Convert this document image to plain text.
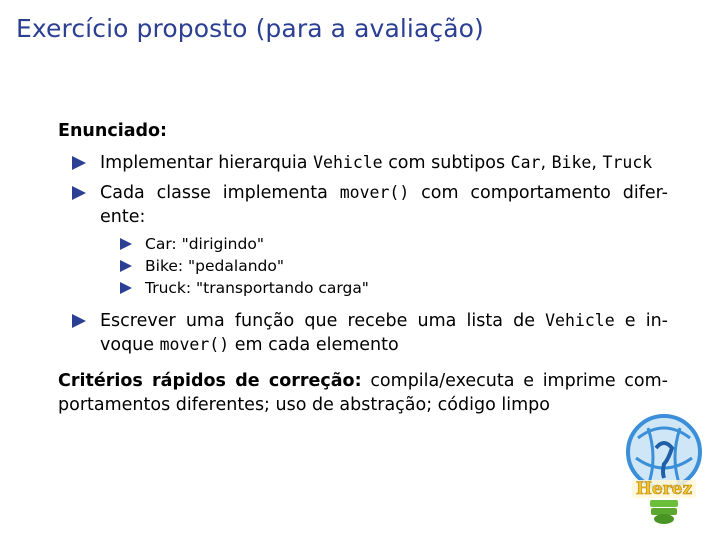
Exercício proposto (para a avaliação)
Enunciado:
Implementar hierarquia Vehicle com subtipos Car, Bike, Truck
Cada classe implementa mover() com comportamento difer- ente:
Car: "dirigindo"
Bike: "pedalando"
Truck: "transportando carga"
Escrever uma função que recebe uma lista de Vehicle e in- voque mover() em cada elemento
Critérios rápidos de correção: compila/executa e imprime com- portamentos diferentes; uso de abstração; código limpo
Herez
